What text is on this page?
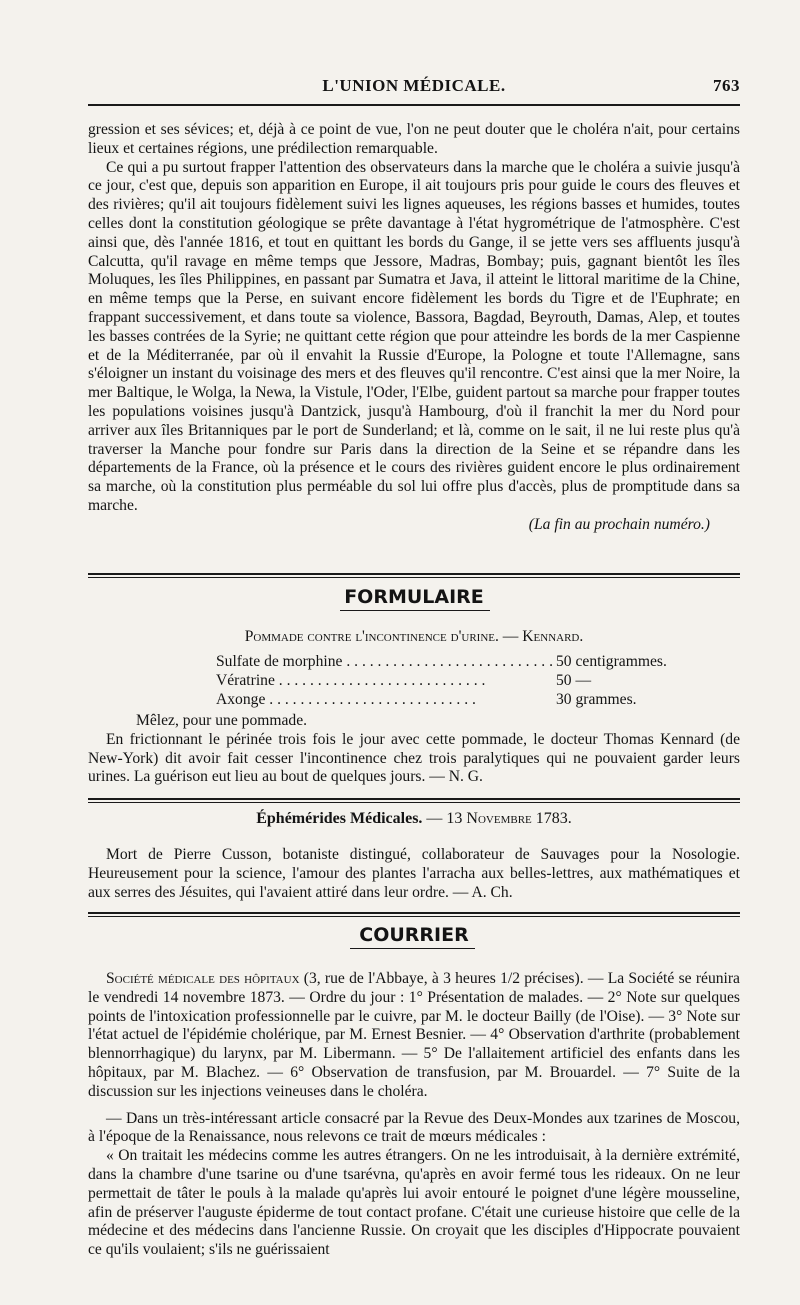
L'UNION MÉDICALE.	763

gression et ses sévices; et, déjà à ce point de vue, l'on ne peut douter que le choléra n'ait, pour certains lieux et certaines régions, une prédilection remarquable.

Ce qui a pu surtout frapper l'attention des observateurs dans la marche que le choléra a suivie jusqu'à ce jour, c'est que, depuis son apparition en Europe, il ait toujours pris pour guide le cours des fleuves et des rivières; qu'il ait toujours fidèlement suivi les lignes aqueuses, les régions basses et humides, toutes celles dont la constitution géologique se prête davantage à l'état hygrométrique de l'atmosphère. C'est ainsi que, dès l'année 1816, et tout en quittant les bords du Gange, il se jette vers ses affluents jusqu'à Calcutta, qu'il ravage en même temps que Jessore, Madras, Bombay; puis, gagnant bientôt les îles Moluques, les îles Philippines, en passant par Sumatra et Java, il atteint le littoral maritime de la Chine, en même temps que la Perse, en suivant encore fidèlement les bords du Tigre et de l'Euphrate; en frappant successivement, et dans toute sa violence, Bassora, Bagdad, Beyrouth, Damas, Alep, et toutes les basses contrées de la Syrie; ne quittant cette région que pour atteindre les bords de la mer Caspienne et de la Méditerranée, par où il envahit la Russie d'Europe, la Pologne et toute l'Allemagne, sans s'éloigner un instant du voisinage des mers et des fleuves qu'il rencontre. C'est ainsi que la mer Noire, la mer Baltique, le Wolga, la Newa, la Vistule, l'Oder, l'Elbe, guident partout sa marche pour frapper toutes les populations voisines jusqu'à Dantzick, jusqu'à Hambourg, d'où il franchit la mer du Nord pour arriver aux îles Britanniques par le port de Sunderland; et là, comme on le sait, il ne lui reste plus qu'à traverser la Manche pour fondre sur Paris dans la direction de la Seine et se répandre dans les départements de la France, où la présence et le cours des rivières guident encore le plus ordinairement sa marche, où la constitution plus perméable du sol lui offre plus d'accès, plus de promptitude dans sa marche.

(La fin au prochain numéro.)

FORMULAIRE
Pommade contre l'incontinence d'urine. — Kennard.
Sulfate de morphine . . .	50 centigrammes.
Vératrine . . .	50 —
Axonge . . .	30 grammes.

Mêlez, pour une pommade.

En frictionnant le périnée trois fois le jour avec cette pommade, le docteur Thomas Kennard (de New-York) dit avoir fait cesser l'incontinence chez trois paralytiques qui ne pouvaient garder leurs urines. La guérison eut lieu au bout de quelques jours. — N. G.

Éphémérides Médicales. — 13 Novembre 1783.

Mort de Pierre Cusson, botaniste distingué, collaborateur de Sauvages pour la Nosologie. Heureusement pour la science, l'amour des plantes l'arracha aux belles-lettres, aux mathématiques et aux serres des Jésuites, qui l'avaient attiré dans leur ordre. — A. Ch.

COURRIER

Société médicale des hôpitaux (3, rue de l'Abbaye, à 3 heures 1/2 précises). — La Société se réunira le vendredi 14 novembre 1873. — Ordre du jour : 1° Présentation de malades. — 2° Note sur quelques points de l'intoxication professionnelle par le cuivre, par M. le docteur Bailly (de l'Oise). — 3° Note sur l'état actuel de l'épidémie cholérique, par M. Ernest Besnier. — 4° Observation d'arthrite (probablement blennorrhagique) du larynx, par M. Libermann. — 5° De l'allaitement artificiel des enfants dans les hôpitaux, par M. Blachez. — 6° Observation de transfusion, par M. Brouardel. — 7° Suite de la discussion sur les injections veineuses dans le choléra.

— Dans un très-intéressant article consacré par la Revue des Deux-Mondes aux tzarines de Moscou, à l'époque de la Renaissance, nous relevons ce trait de mœurs médicales :

« On traitait les médecins comme les autres étrangers. On ne les introduisait, à la dernière extrémité, dans la chambre d'une tsarine ou d'une tsarévna, qu'après en avoir fermé tous les rideaux. On ne leur permettait de tâter le pouls à la malade qu'après lui avoir entouré le poignet d'une légère mousseline, afin de préserver l'auguste épiderme de tout contact profane. C'était une curieuse histoire que celle de la médecine et des médecins dans l'ancienne Russie. On croyait que les disciples d'Hippocrate pouvaient ce qu'ils voulaient; s'ils ne guérissaient
